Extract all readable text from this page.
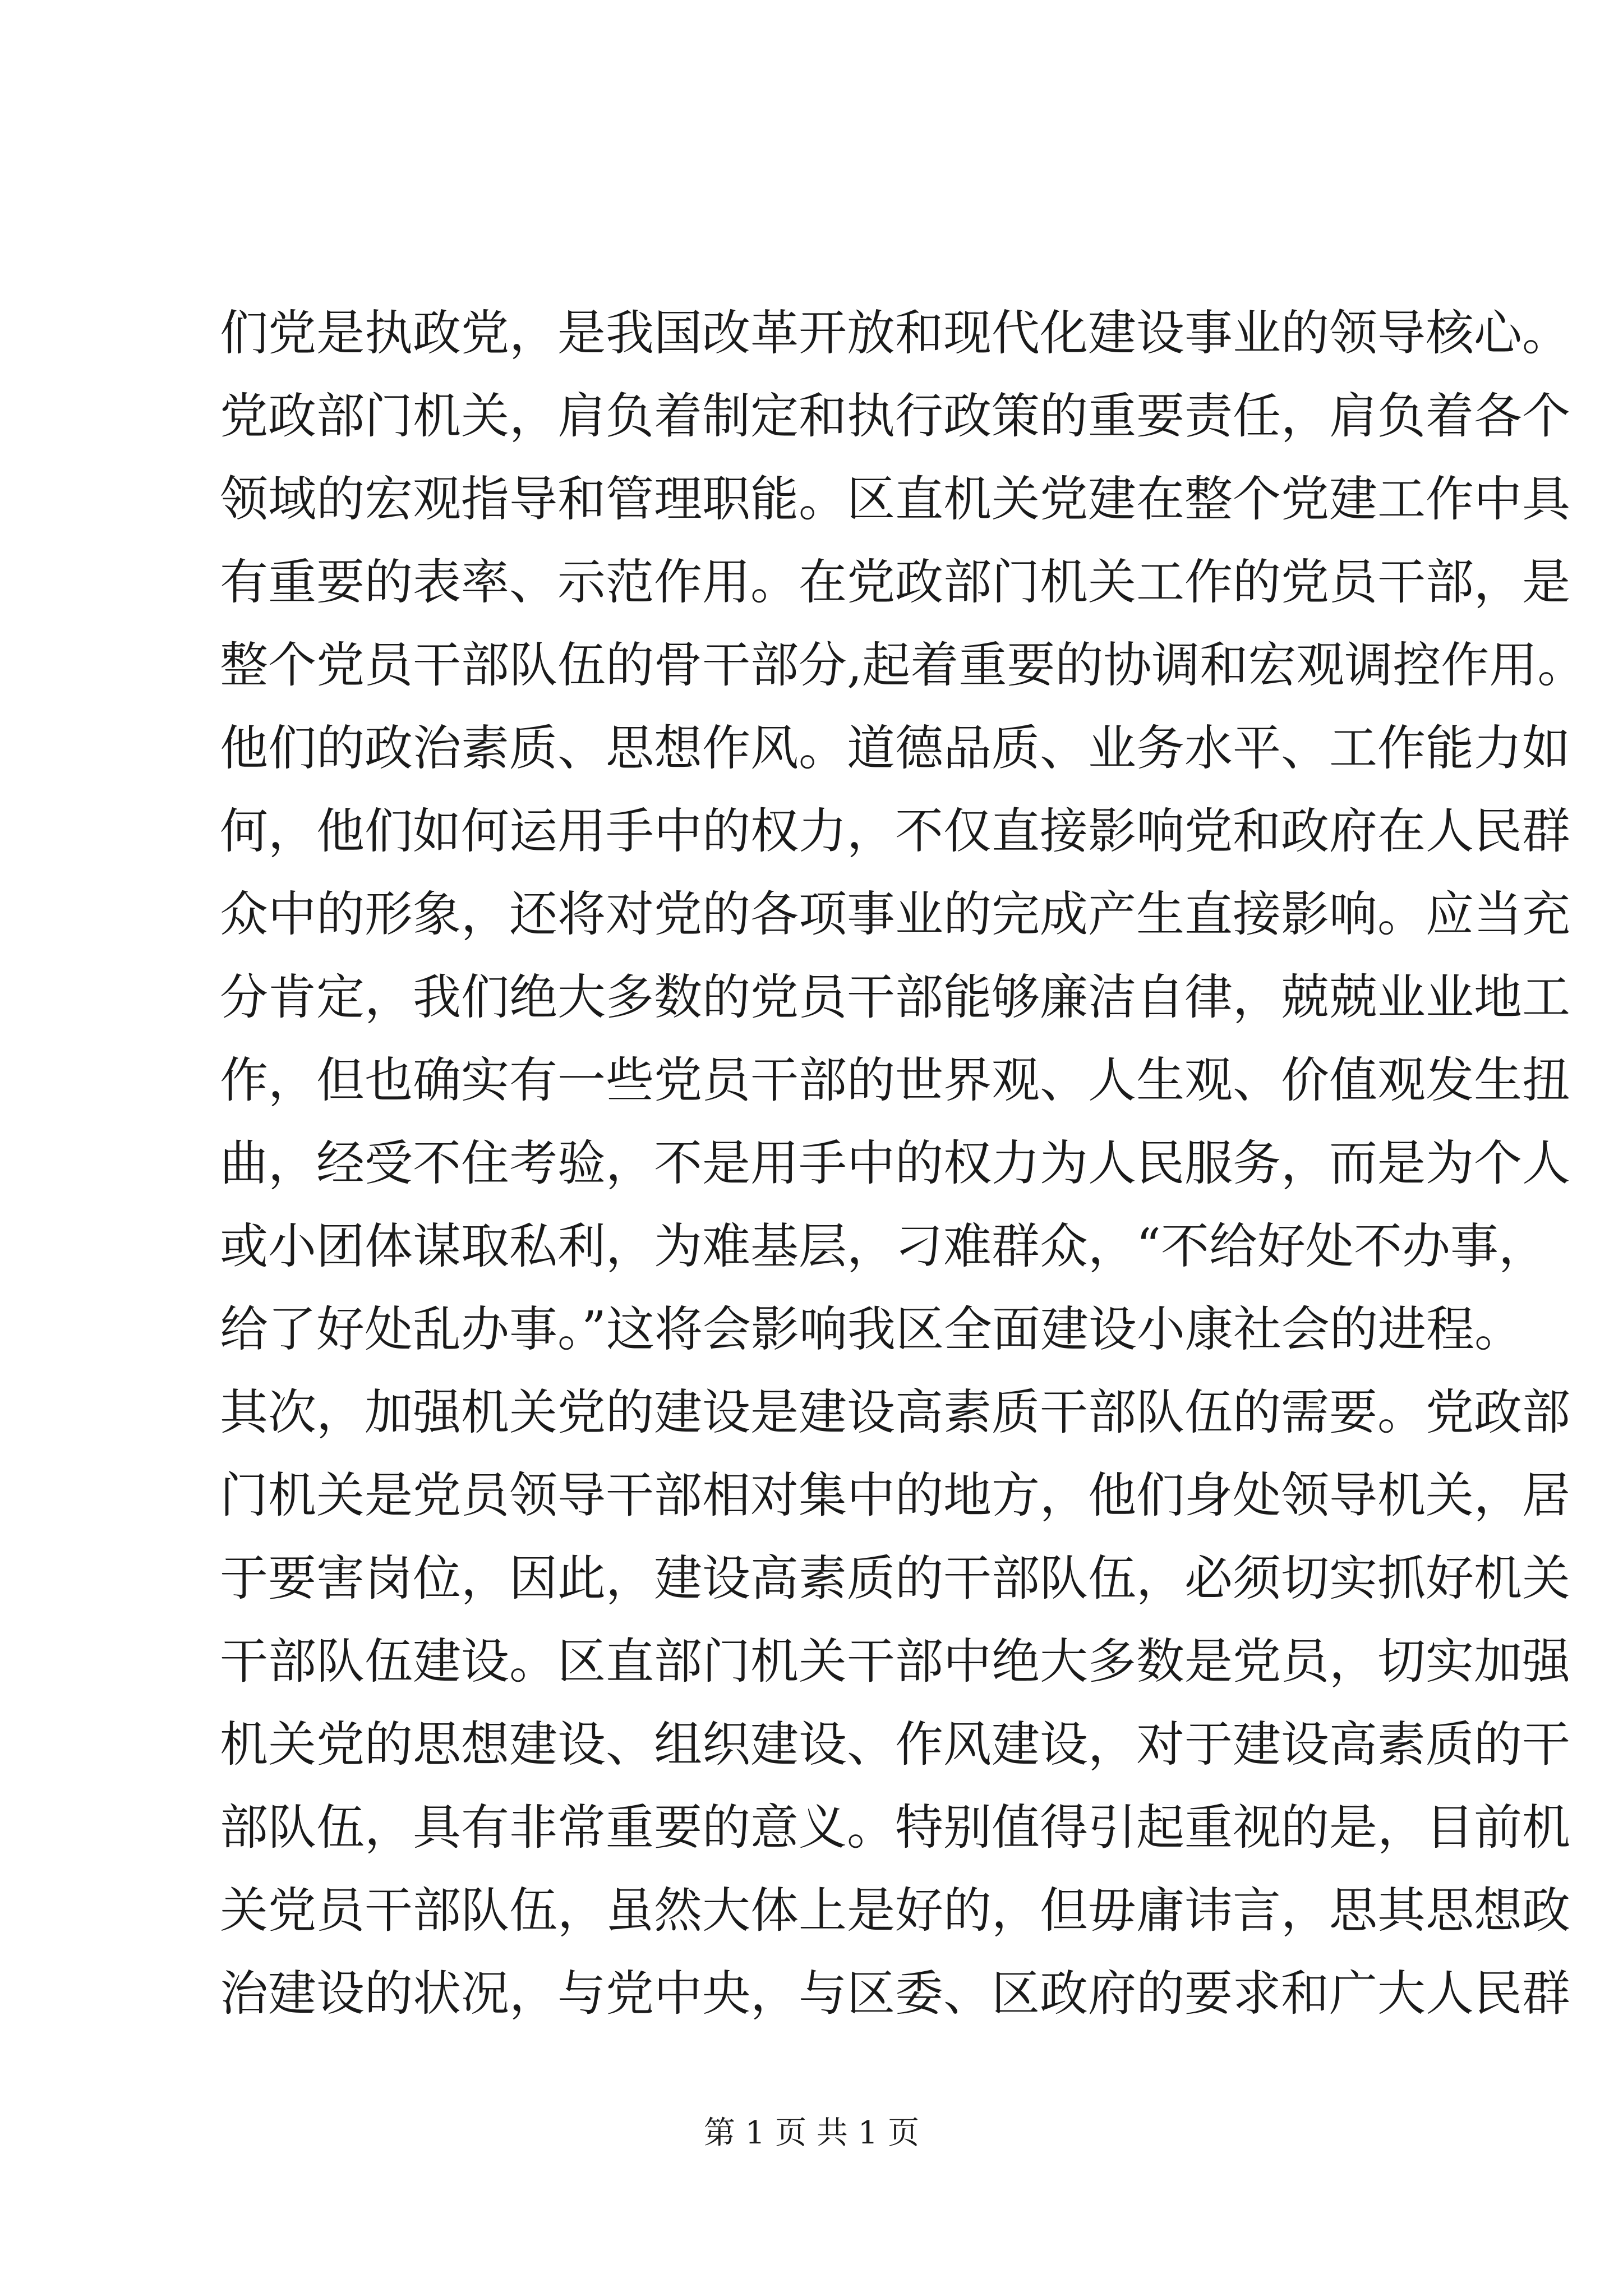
们党是执政党，是我国改革开放和现代化建设事业的领导核心。
党政部门机关，肩负着制定和执行政策的重要责任，肩负着各个
领域的宏观指导和管理职能。区直机关党建在整个党建工作中具
有重要的表率、示范作用。在党政部门机关工作的党员干部，是
整个党员干部队伍的骨干部分,起着重要的协调和宏观调控作用。
他们的政治素质、思想作风。道德品质、业务水平、工作能力如
何，他们如何运用手中的权力，不仅直接影响党和政府在人民群
众中的形象，还将对党的各项事业的完成产生直接影响。应当充
分肯定，我们绝大多数的党员干部能够廉洁自律，兢兢业业地工
作，但也确实有一些党员干部的世界观、人生观、价值观发生扭
曲，经受不住考验，不是用手中的权力为人民服务，而是为个人
或小团体谋取私利，为难基层，刁难群众，“不给好处不办事，
给了好处乱办事。”这将会影响我区全面建设小康社会的进程。
其次，加强机关党的建设是建设高素质干部队伍的需要。党政部
门机关是党员领导干部相对集中的地方，他们身处领导机关，居
于要害岗位，因此，建设高素质的干部队伍，必须切实抓好机关
干部队伍建设。区直部门机关干部中绝大多数是党员，切实加强
机关党的思想建设、组织建设、作风建设，对于建设高素质的干
部队伍，具有非常重要的意义。特别值得引起重视的是，目前机
关党员干部队伍，虽然大体上是好的，但毋庸讳言，思其思想政
治建设的状况，与党中央，与区委、区政府的要求和广大人民群
第 1 页 共 1 页
